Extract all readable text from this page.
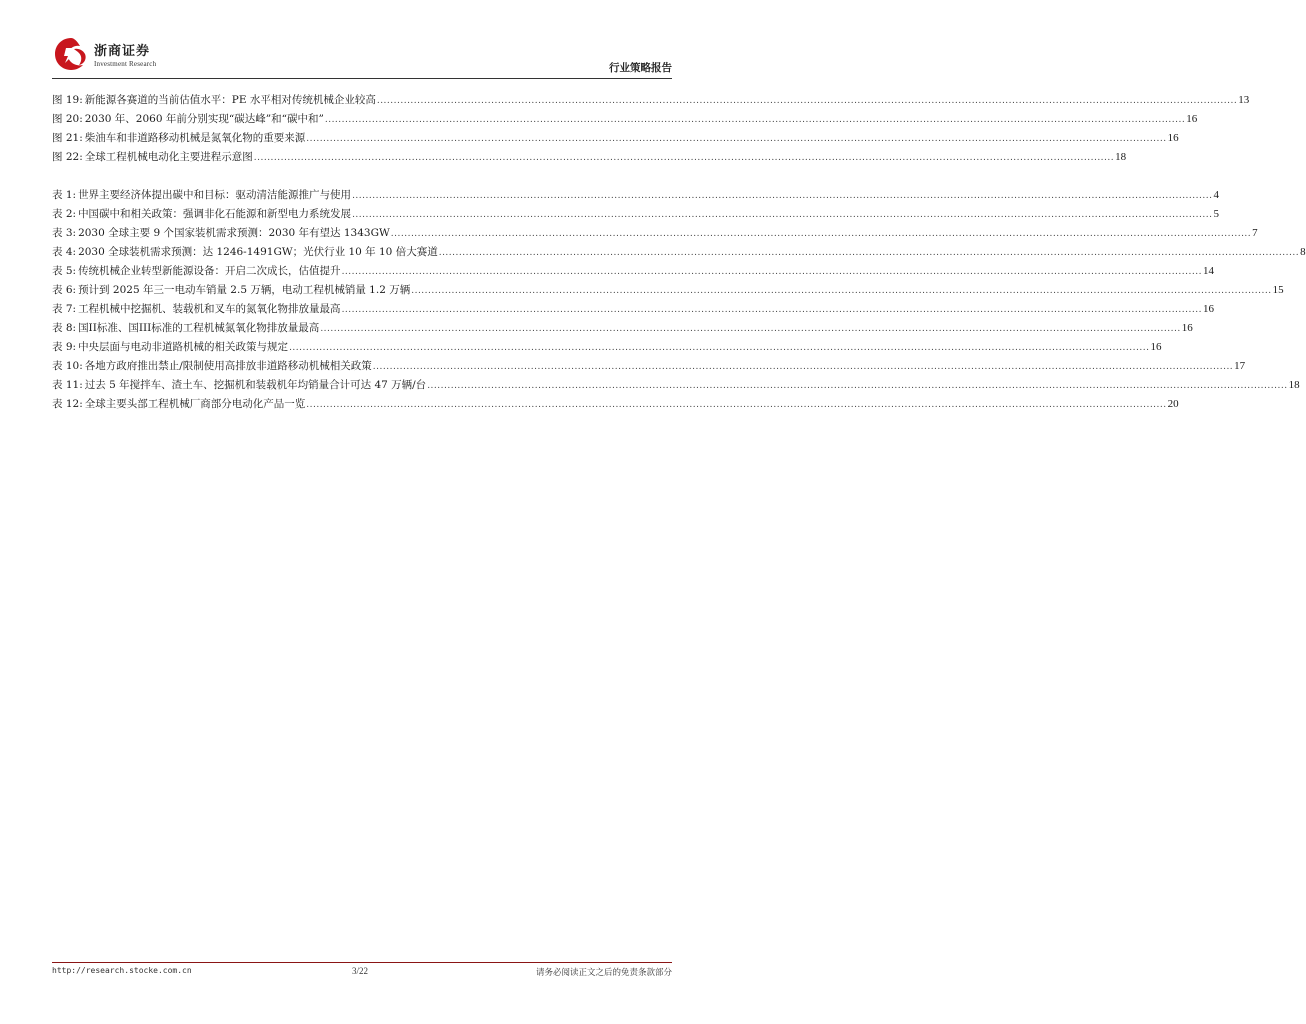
浙商证券
Investment Research	行业策略报告
图 19: 新能源各赛道的当前估值水平：PE 水平相对传统机械企业较高 .....	13
图 20: 2030 年、2060 年前分别实现“碳达峰”和“碳中和” .....	16
图 21: 柴油车和非道路移动机械是氮氧化物的重要来源 .....	16
图 22: 全球工程机械电动化主要进程示意图 .....	18
表 1: 世界主要经济体提出碳中和目标：驱动清洁能源推广与使用 .....	4
表 2: 中国碳中和相关政策：强调非化石能源和新型电力系统发展 .....	5
表 3: 2030 全球主要 9 个国家装机需求预测：2030 年有望达 1343GW .....	7
表 4: 2030 全球装机需求预测：达 1246-1491GW；光伏行业 10 年 10 倍大赛道 .....	8
表 5: 传统机械企业转型新能源设备：开启二次成长，估值提升 .....	14
表 6: 预计到 2025 年三一电动车销量 2.5 万辆，电动工程机械销量 1.2 万辆 .....	15
表 7: 工程机械中挖掘机、装载机和叉车的氮氧化物排放量最高 .....	16
表 8: 国II标准、国III标准的工程机械氮氧化物排放量最高 .....	16
表 9: 中央层面与电动非道路机械的相关政策与规定 .....	16
表 10: 各地方政府推出禁止/限制使用高排放非道路移动机械相关政策 .....	17
表 11: 过去 5 年搅拌车、渣土车、挖掘机和装载机年均销量合计可达 47 万辆/台 .....	18
表 12: 全球主要头部工程机械厂商部分电动化产品一览 .....	20
http://research.stocke.com.cn	3/22	请务必阅读正文之后的免责条款部分
